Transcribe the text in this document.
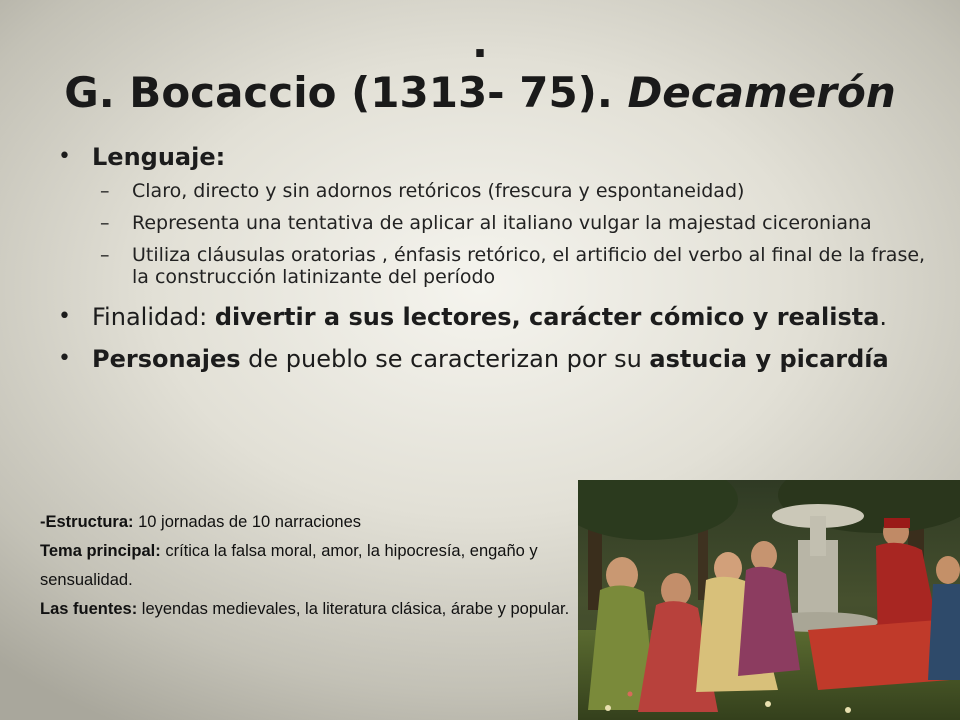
.
G. Bocaccio (1313- 75). Decamerón
• Lenguaje:
– Claro, directo y sin adornos retóricos (frescura y espontaneidad)
– Representa una tentativa de aplicar al italiano vulgar la majestad ciceroniana
– Utiliza cláusulas oratorias , énfasis retórico, el artificio del verbo al final de la frase, la construcción latinizante del período
• Finalidad: divertir a sus lectores, carácter cómico y realista.
• Personajes de pueblo se caracterizan por su astucia y picardía
-Estructura: 10 jornadas de 10 narraciones
Tema principal: crítica la falsa moral, amor, la hipocresía, engaño y sensualidad.
Las fuentes: leyendas medievales, la literatura clásica, árabe y popular.
